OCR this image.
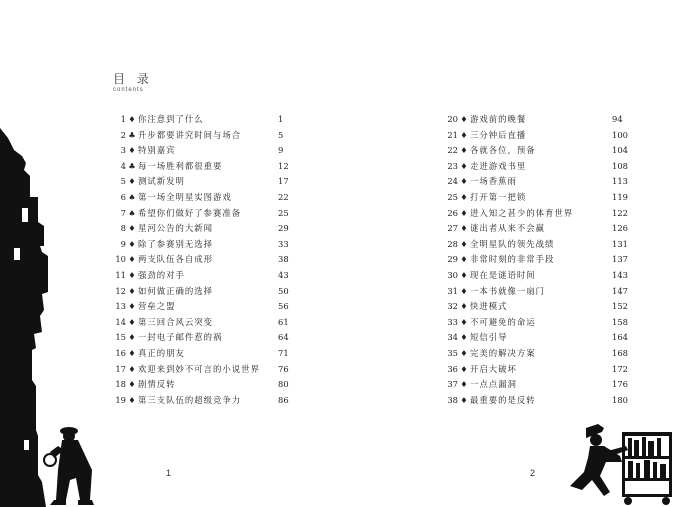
目 录
contents
1 ♦ 你注意到了什么	1
2 ♣ 升步都要讲究时间与场合	5
3 ♦ 特别嘉宾	9
4 ♣ 每一场胜利都很重要	12
5 ♦ 测试新发明	17
6 ♠ 第一场全明星实图游戏	22
7 ♠ 希望你们做好了参赛准备	25
8 ♦ 星河公告的大新闻	29
9 ♦ 除了参赛别无选择	33
10 ♦ 两支队伍各自成形	38
11 ♦ 强劲的对手	43
12 ♦ 如何做正确的选择	50
13 ♦ 营垒之盟	56
14 ♦ 第三回合风云突变	61
15 ♦ 一封电子邮件惹的祸	64
16 ♦ 真正的朋友	71
17 ♦ 欢迎来到妙不可言的小说世界 76
18 ♦ 剧情反转	80
19 ♦ 第三支队伍的超级竞争力	86
20 ♦ 游戏前的晚餐	94
21 ♦ 三分钟后直播	100
22 ♦ 各就各位，预备	104
23 ♦ 走进游戏书里	108
24 ♦ 一场香蕉雨	113
25 ♦ 打开第一把锁	119
26 ♦ 进入知之甚少的体育世界	122
27 ♦ 谜出者从来不会赢	126
28 ♦ 全明星队的领先战绩	131
29 ♦ 非常时刻的非常手段	137
30 ♦ 现在是谜语时间	143
31 ♦ 一本书就像一扇门	147
32 ♦ 快进模式	152
33 ♦ 不可避免的命运	158
34 ♦ 短信引导	164
35 ♦ 完美的解决方案	168
36 ♦ 开启大破坏	172
37 ♦ 一点点漏洞	176
38 ♦ 最重要的是反转	180
1	2
